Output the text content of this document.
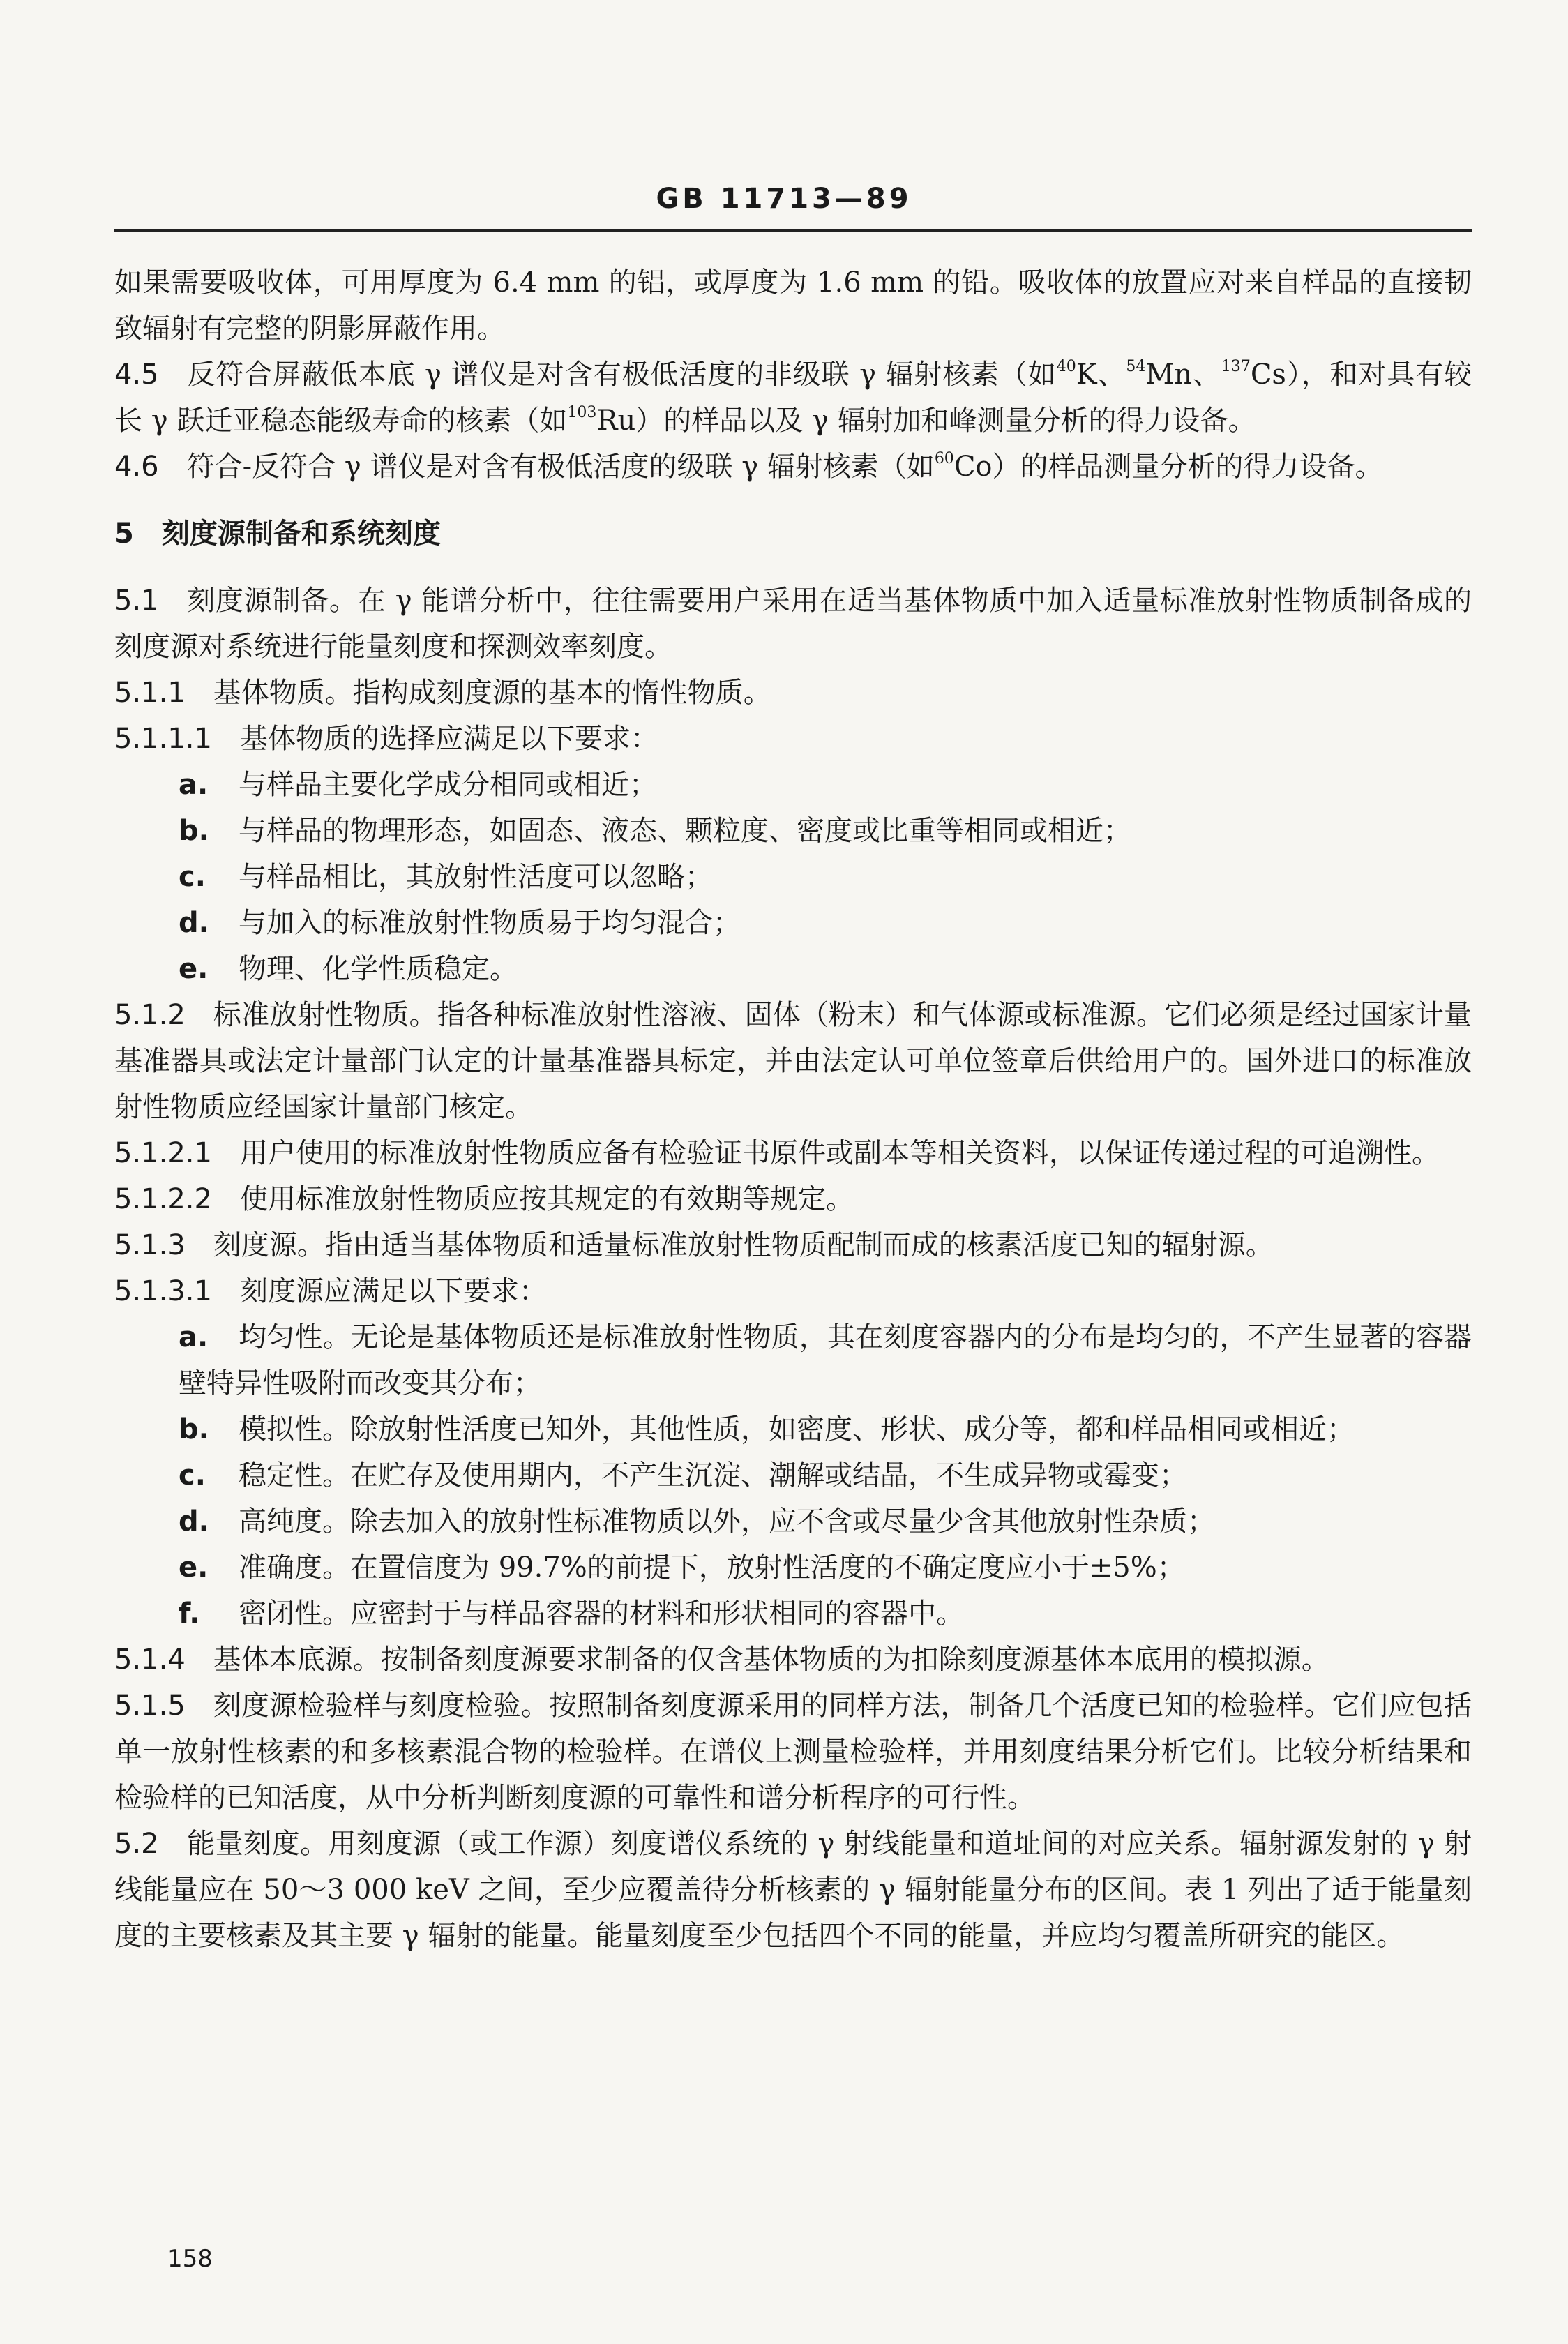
GB 11713—89

如果需要吸收体，可用厚度为 6.4 mm 的铝，或厚度为 1.6 mm 的铅。吸收体的放置应对来自样品的直接韧致辐射有完整的阴影屏蔽作用。

4.5 反符合屏蔽低本底 γ 谱仪是对含有极低活度的非级联 γ 辐射核素（如$^{40}$K、$^{54}$Mn、$^{137}$Cs），和对具有较长 γ 跃迁亚稳态能级寿命的核素（如$^{103}$Ru）的样品以及 γ 辐射加和峰测量分析的得力设备。

4.6 符合-反符合 γ 谱仪是对含有极低活度的级联 γ 辐射核素（如$^{60}$Co）的样品测量分析的得力设备。

5 刻度源制备和系统刻度

5.1 刻度源制备。在 γ 能谱分析中，往往需要用户采用在适当基体物质中加入适量标准放射性物质制备成的刻度源对系统进行能量刻度和探测效率刻度。

5.1.1 基体物质。指构成刻度源的基本的惰性物质。

5.1.1.1 基体物质的选择应满足以下要求：

a. 与样品主要化学成分相同或相近；

b. 与样品的物理形态，如固态、液态、颗粒度、密度或比重等相同或相近；

c. 与样品相比，其放射性活度可以忽略；

d. 与加入的标准放射性物质易于均匀混合；

e. 物理、化学性质稳定。

5.1.2 标准放射性物质。指各种标准放射性溶液、固体（粉末）和气体源或标准源。它们必须是经过国家计量基准器具或法定计量部门认定的计量基准器具标定，并由法定认可单位签章后供给用户的。国外进口的标准放射性物质应经国家计量部门核定。

5.1.2.1 用户使用的标准放射性物质应备有检验证书原件或副本等相关资料，以保证传递过程的可追溯性。

5.1.2.2 使用标准放射性物质应按其规定的有效期等规定。

5.1.3 刻度源。指由适当基体物质和适量标准放射性物质配制而成的核素活度已知的辐射源。

5.1.3.1 刻度源应满足以下要求：

a. 均匀性。无论是基体物质还是标准放射性物质，其在刻度容器内的分布是均匀的，不产生显著的容器壁特异性吸附而改变其分布；

b. 模拟性。除放射性活度已知外，其他性质，如密度、形状、成分等，都和样品相同或相近；

c. 稳定性。在贮存及使用期内，不产生沉淀、潮解或结晶，不生成异物或霉变；

d. 高纯度。除去加入的放射性标准物质以外，应不含或尽量少含其他放射性杂质；

e. 准确度。在置信度为 99.7%的前提下，放射性活度的不确定度应小于±5%；

f. 密闭性。应密封于与样品容器的材料和形状相同的容器中。

5.1.4 基体本底源。按制备刻度源要求制备的仅含基体物质的为扣除刻度源基体本底用的模拟源。

5.1.5 刻度源检验样与刻度检验。按照制备刻度源采用的同样方法，制备几个活度已知的检验样。它们应包括单一放射性核素的和多核素混合物的检验样。在谱仪上测量检验样，并用刻度结果分析它们。比较分析结果和检验样的已知活度，从中分析判断刻度源的可靠性和谱分析程序的可行性。

5.2 能量刻度。用刻度源（或工作源）刻度谱仪系统的 γ 射线能量和道址间的对应关系。辐射源发射的 γ 射线能量应在 50～3 000 keV 之间，至少应覆盖待分析核素的 γ 辐射能量分布的区间。表 1 列出了适于能量刻度的主要核素及其主要 γ 辐射的能量。能量刻度至少包括四个不同的能量，并应均匀覆盖所研究的能区。

158
